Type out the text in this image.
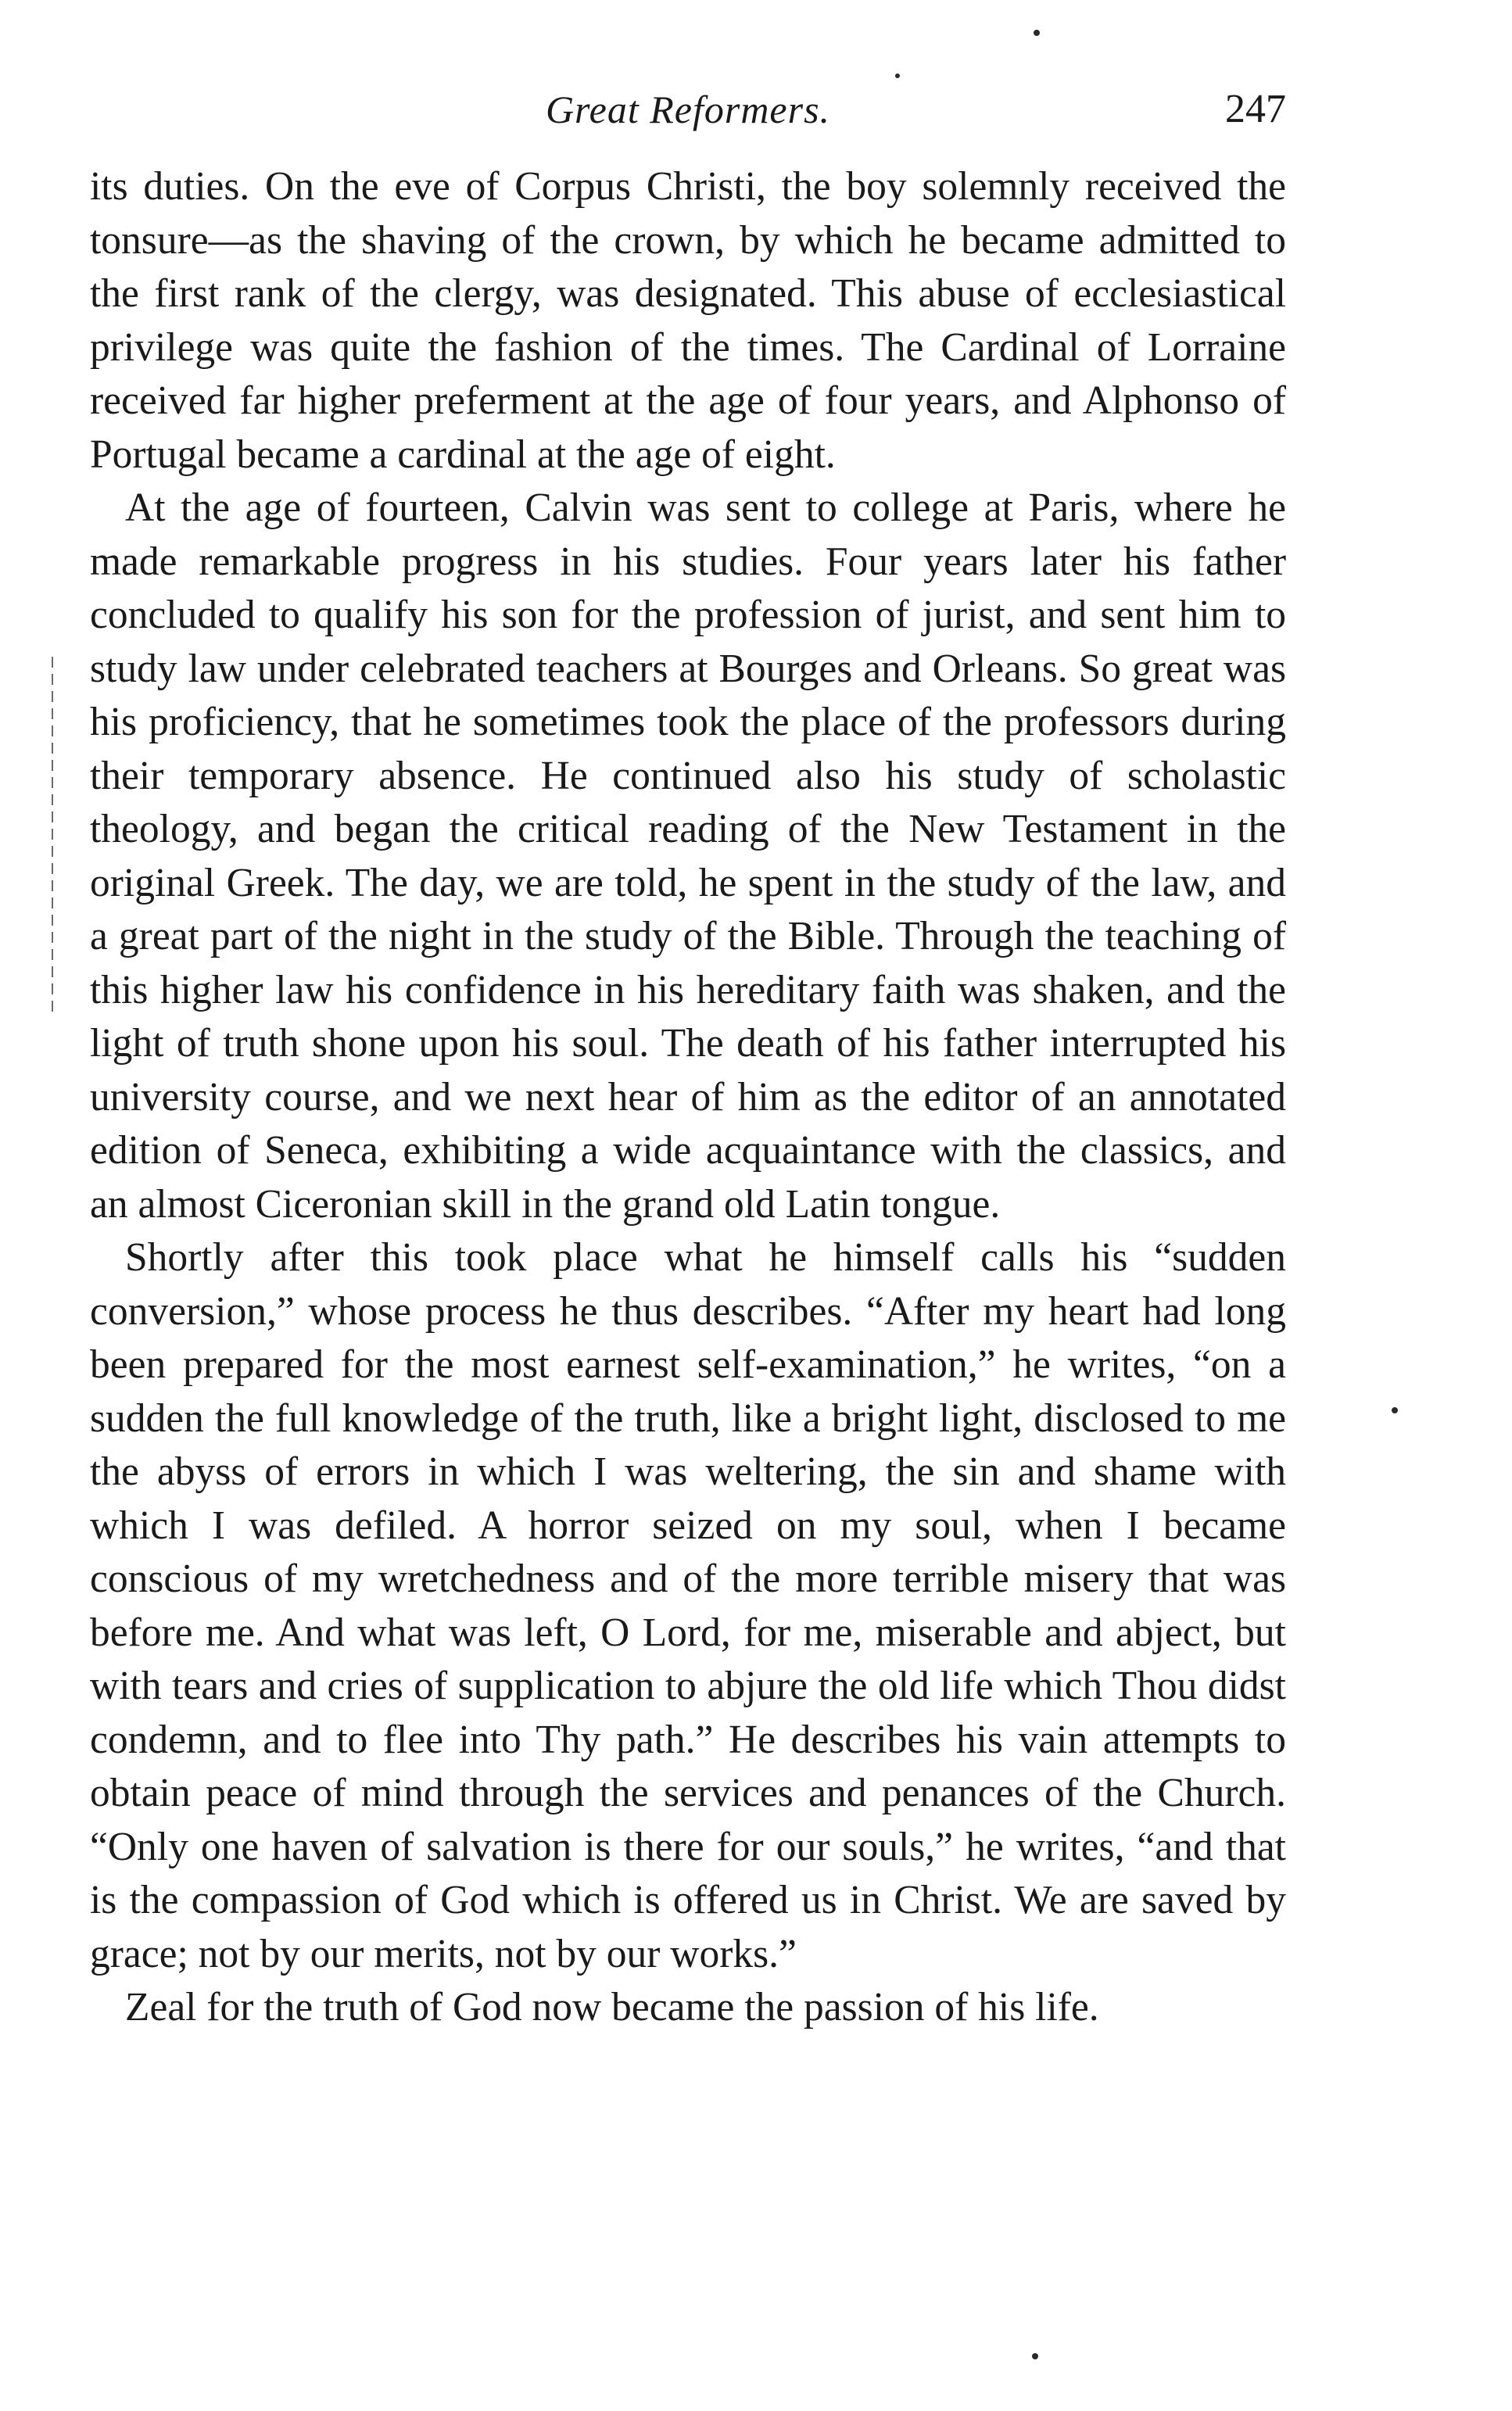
Great Reformers.	247

its duties. On the eve of Corpus Christi, the boy solemnly received the tonsure—as the shaving of the crown, by which he became admitted to the first rank of the clergy, was designated. This abuse of ecclesiastical privilege was quite the fashion of the times. The Cardinal of Lorraine received far higher preferment at the age of four years, and Alphonso of Portugal became a cardinal at the age of eight.

At the age of fourteen, Calvin was sent to college at Paris, where he made remarkable progress in his studies. Four years later his father concluded to qualify his son for the profession of jurist, and sent him to study law under celebrated teachers at Bourges and Orleans. So great was his proficiency, that he sometimes took the place of the professors during their temporary absence. He continued also his study of scholastic theology, and began the critical reading of the New Testament in the original Greek. The day, we are told, he spent in the study of the law, and a great part of the night in the study of the Bible. Through the teaching of this higher law his confidence in his hereditary faith was shaken, and the light of truth shone upon his soul. The death of his father interrupted his university course, and we next hear of him as the editor of an annotated edition of Seneca, exhibiting a wide acquaintance with the classics, and an almost Ciceronian skill in the grand old Latin tongue.

Shortly after this took place what he himself calls his “sudden conversion,” whose process he thus describes. “After my heart had long been prepared for the most earnest self-examination,” he writes, “on a sudden the full knowledge of the truth, like a bright light, disclosed to me the abyss of errors in which I was weltering, the sin and shame with which I was defiled. A horror seized on my soul, when I became conscious of my wretchedness and of the more terrible misery that was before me. And what was left, O Lord, for me, miserable and abject, but with tears and cries of supplication to abjure the old life which Thou didst condemn, and to flee into Thy path.” He describes his vain attempts to obtain peace of mind through the services and penances of the Church. “Only one haven of salvation is there for our souls,” he writes, “and that is the compassion of God which is offered us in Christ. We are saved by grace; not by our merits, not by our works.”

Zeal for the truth of God now became the passion of his life.
